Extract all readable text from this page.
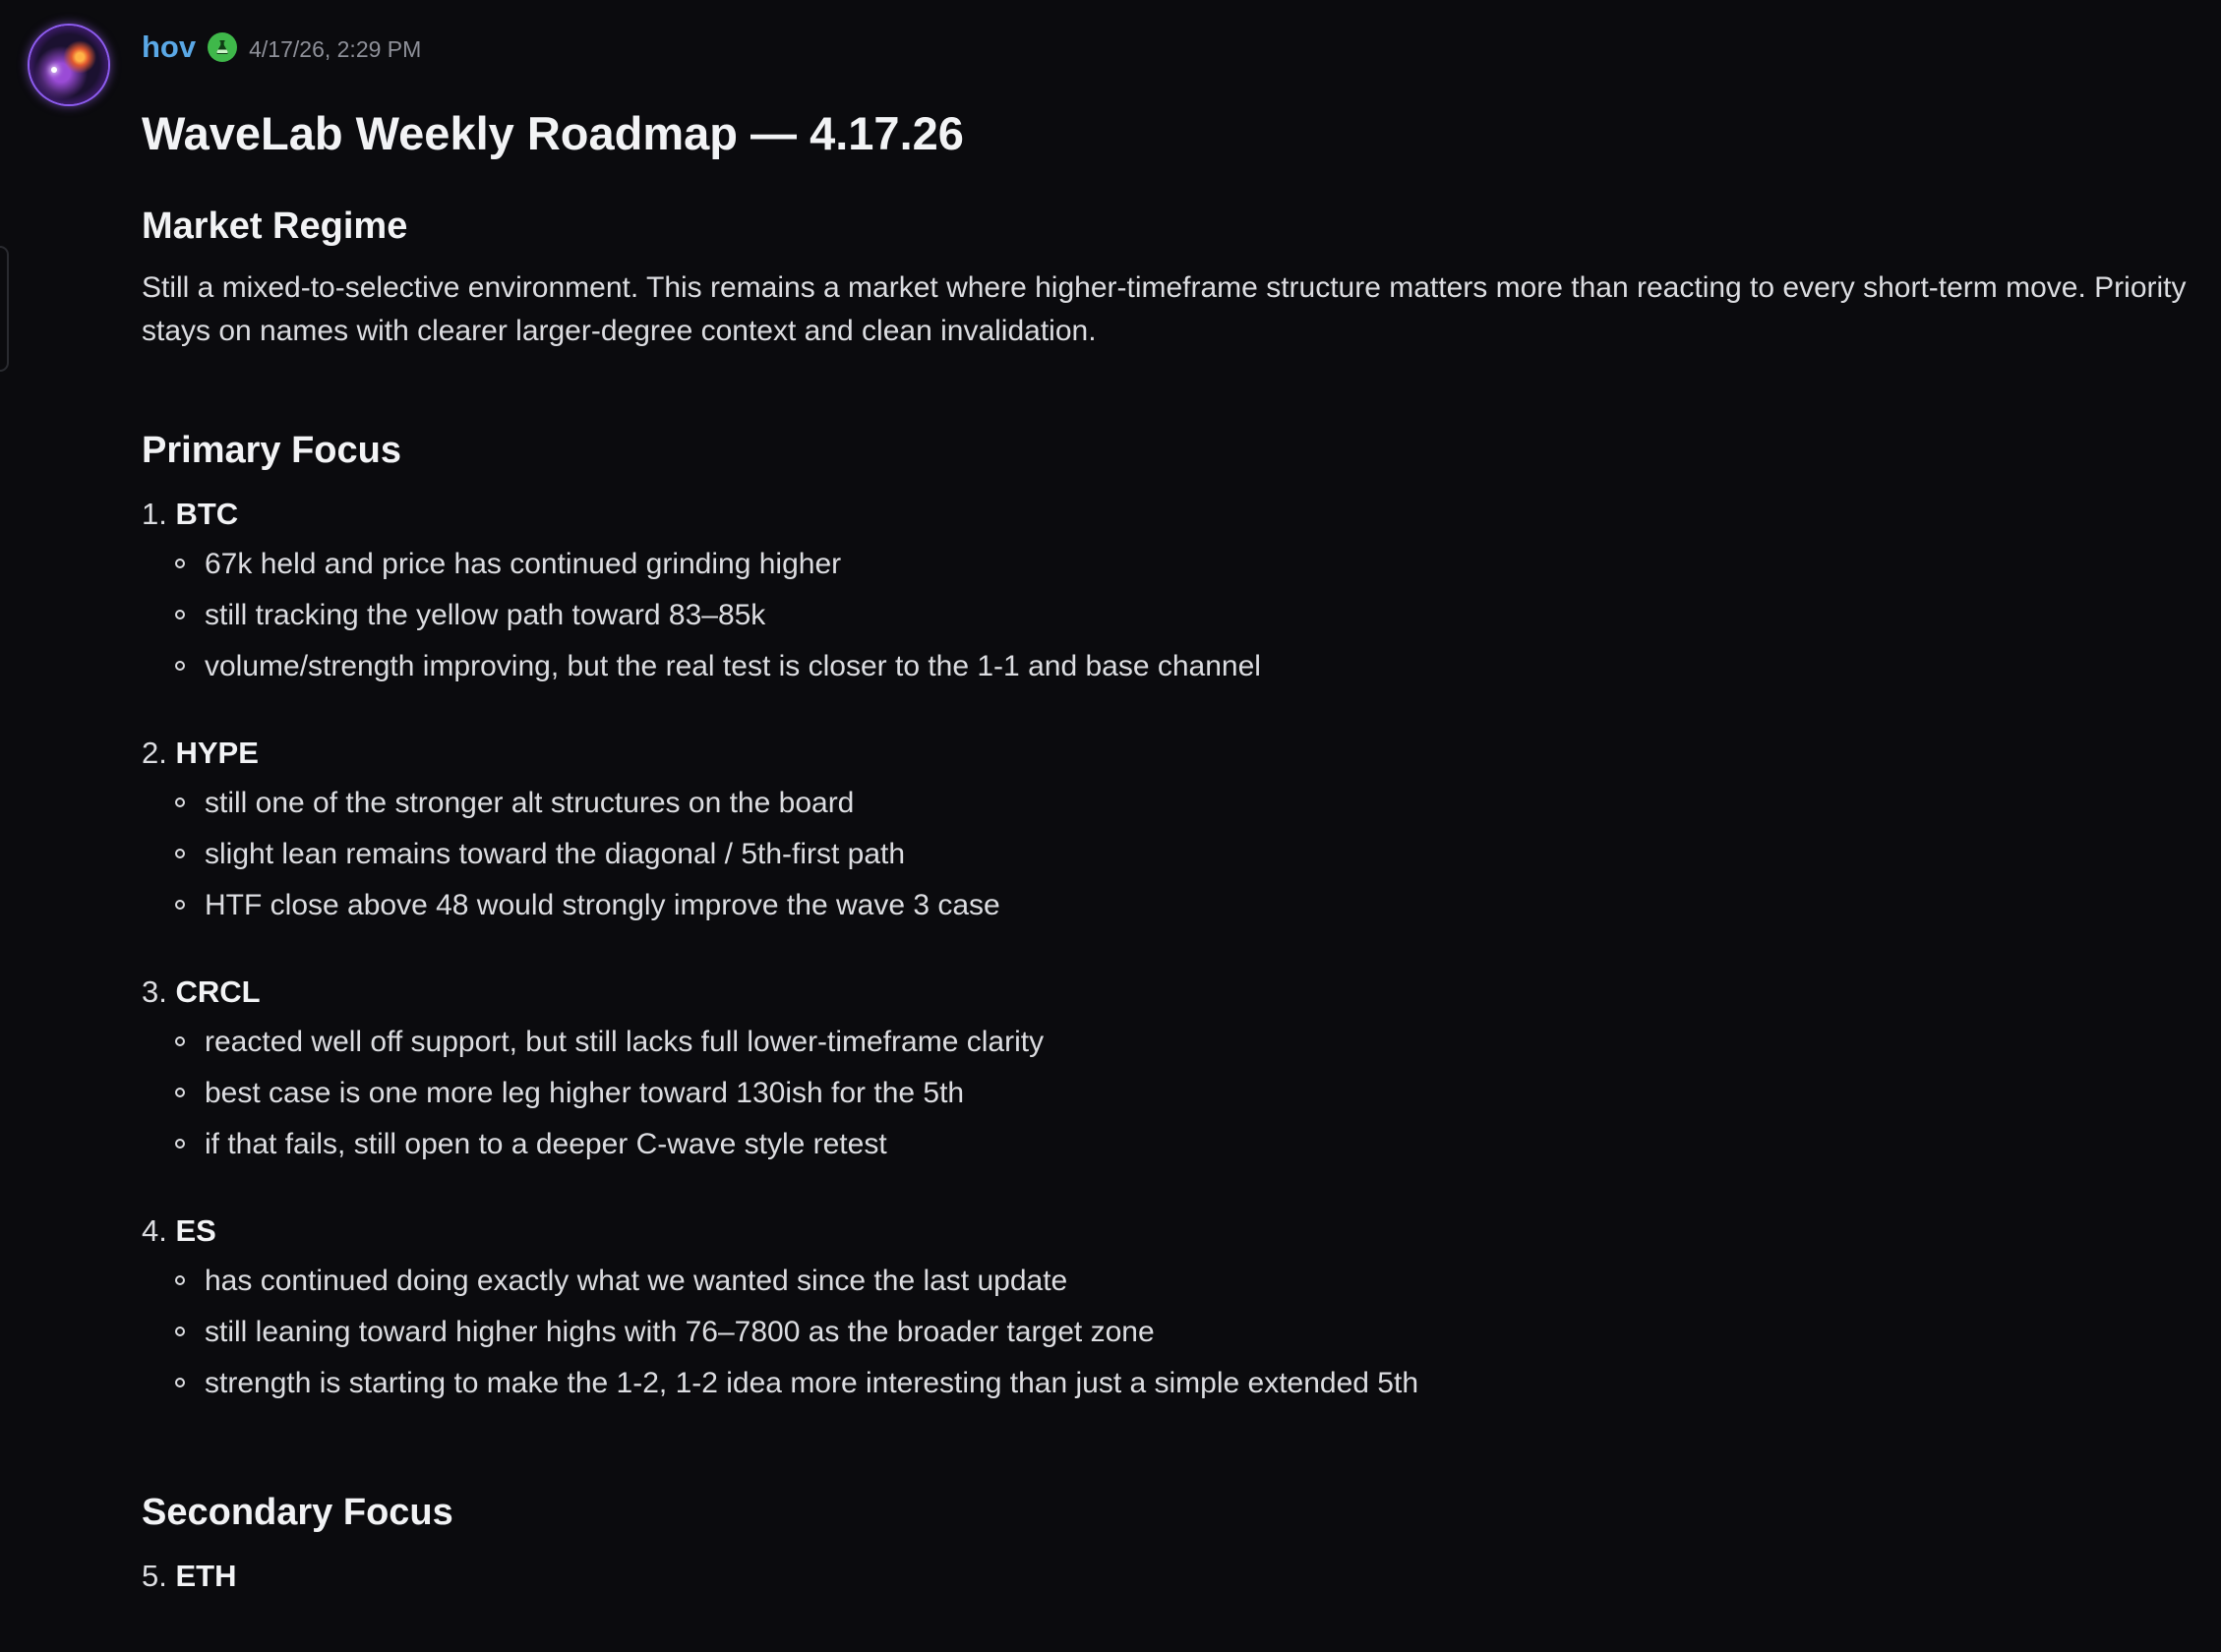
hov 4/17/26, 2:29 PM
WaveLab Weekly Roadmap — 4.17.26
Market Regime

Still a mixed-to-selective environment. This remains a market where higher-timeframe structure matters more than reacting to every short-term move. Priority stays on names with clearer larger-degree context and clean invalidation.

Primary Focus

1. BTC

67k held and price has continued grinding higher
still tracking the yellow path toward 83–85k
volume/strength improving, but the real test is closer to the 1-1 and base channel

2. HYPE

still one of the stronger alt structures on the board
slight lean remains toward the diagonal / 5th-first path
HTF close above 48 would strongly improve the wave 3 case

3. CRCL

reacted well off support, but still lacks full lower-timeframe clarity
best case is one more leg higher toward 130ish for the 5th
if that fails, still open to a deeper C-wave style retest

4. ES

has continued doing exactly what we wanted since the last update
still leaning toward higher highs with 76–7800 as the broader target zone
strength is starting to make the 1-2, 1-2 idea more interesting than just a simple extended 5th
Secondary Focus

5. ETH
